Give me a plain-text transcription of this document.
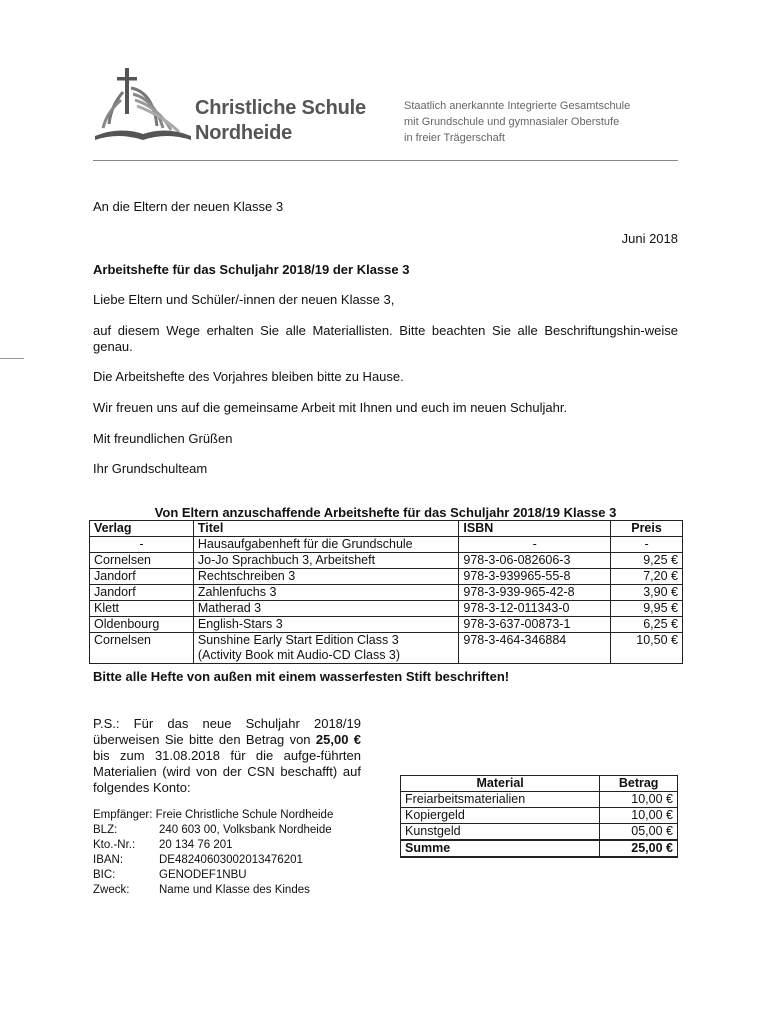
Christliche Schule
Nordheide
Staatlich anerkannte Integrierte Gesamtschule
mit Grundschule und gymnasialer Oberstufe
in freier Trägerschaft
An die Eltern der neuen Klasse 3
Juni 2018
Arbeitshefte für das Schuljahr 2018/19 der Klasse 3
Liebe Eltern und Schüler/-innen der neuen Klasse 3,
auf diesem Wege erhalten Sie alle Materiallisten. Bitte beachten Sie alle Beschriftungshin-weise genau.
Die Arbeitshefte des Vorjahres bleiben bitte zu Hause.
Wir freuen uns auf die gemeinsame Arbeit mit Ihnen und euch im neuen Schuljahr.
Mit freundlichen Grüßen
Ihr Grundschulteam
Von Eltern anzuschaffende Arbeitshefte für das Schuljahr 2018/19 Klasse 3
Verlag	Titel	ISBN	Preis
-	Hausaufgabenheft für die Grundschule	-	-
Cornelsen	Jo-Jo Sprachbuch 3, Arbeitsheft	978-3-06-082606-3	9,25 €
Jandorf	Rechtschreiben 3	978-3-939965-55-8	7,20 €
Jandorf	Zahlenfuchs 3	978-3-939-965-42-8	3,90 €
Klett	Matherad 3	978-3-12-011343-0	9,95 €
Oldenbourg	English-Stars 3	978-3-637-00873-1	6,25 €
Cornelsen	Sunshine Early Start Edition Class 3
(Activity Book mit Audio-CD Class 3)	978-3-464-346884	10,50 €
Bitte alle Hefte von außen mit einem wasserfesten Stift beschriften!
P.S.: Für das neue Schuljahr 2018/19 überweisen Sie bitte den Betrag von 25,00 € bis zum 31.08.2018 für die aufge-führten Materialien (wird von der CSN beschafft) auf folgendes Konto:
Empfänger: Freie Christliche Schule Nordheide
BLZ:	240 603 00, Volksbank Nordheide
Kto.-Nr.: 20 134 76 201
IBAN:	DE48240603002013476201
BIC:	GENODEF1NBU
Zweck:	Name und Klasse des Kindes
Material	Betrag
Freiarbeitsmaterialien	10,00 €
Kopiergeld	10,00 €
Kunstgeld	05,00 €
Summe	25,00 €
